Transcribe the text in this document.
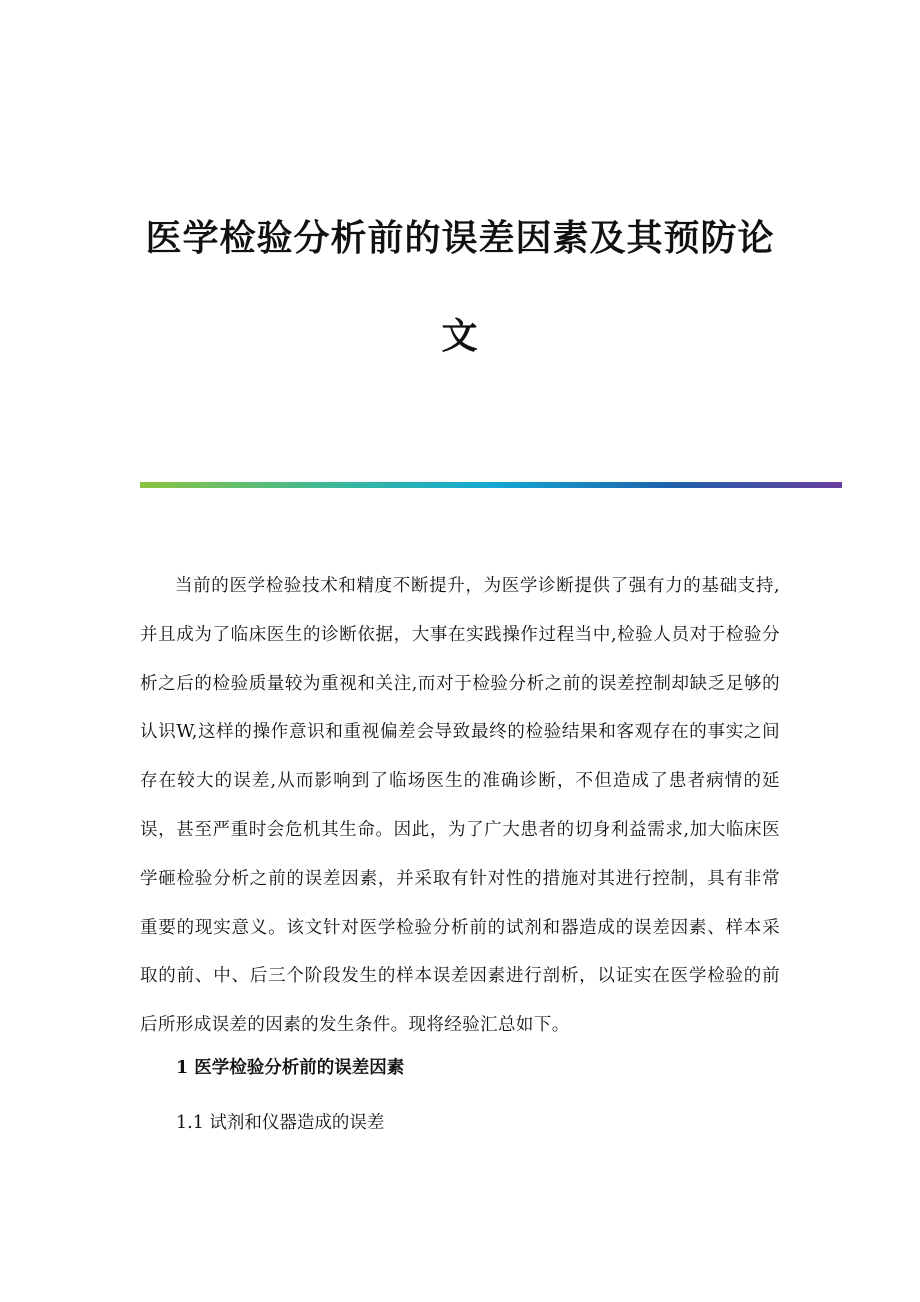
医学检验分析前的误差因素及其预防论
文

当前的医学检验技术和精度不断提升，为医学诊断提供了强有力的基础支持,并且成为了临床医生的诊断依据，大事在实践操作过程当中,检验人员对于检验分析之后的检验质量较为重视和关注,而对于检验分析之前的误差控制却缺乏足够的认识W,这样的操作意识和重视偏差会导致最终的检验结果和客观存在的事实之间存在较大的误差,从而影响到了临场医生的准确诊断，不但造成了患者病情的延误，甚至严重时会危机其生命。因此，为了广大患者的切身利益需求,加大临床医学砸检验分析之前的误差因素，并采取有针对性的措施对其进行控制，具有非常重要的现实意义。该文针对医学检验分析前的试剂和器造成的误差因素、样本采取的前、中、后三个阶段发生的样本误差因素进行剖析，以证实在医学检验的前后所形成误差的因素的发生条件。现将经验汇总如下。

1 医学检验分析前的误差因素

1.1 试剂和仪器造成的误差
